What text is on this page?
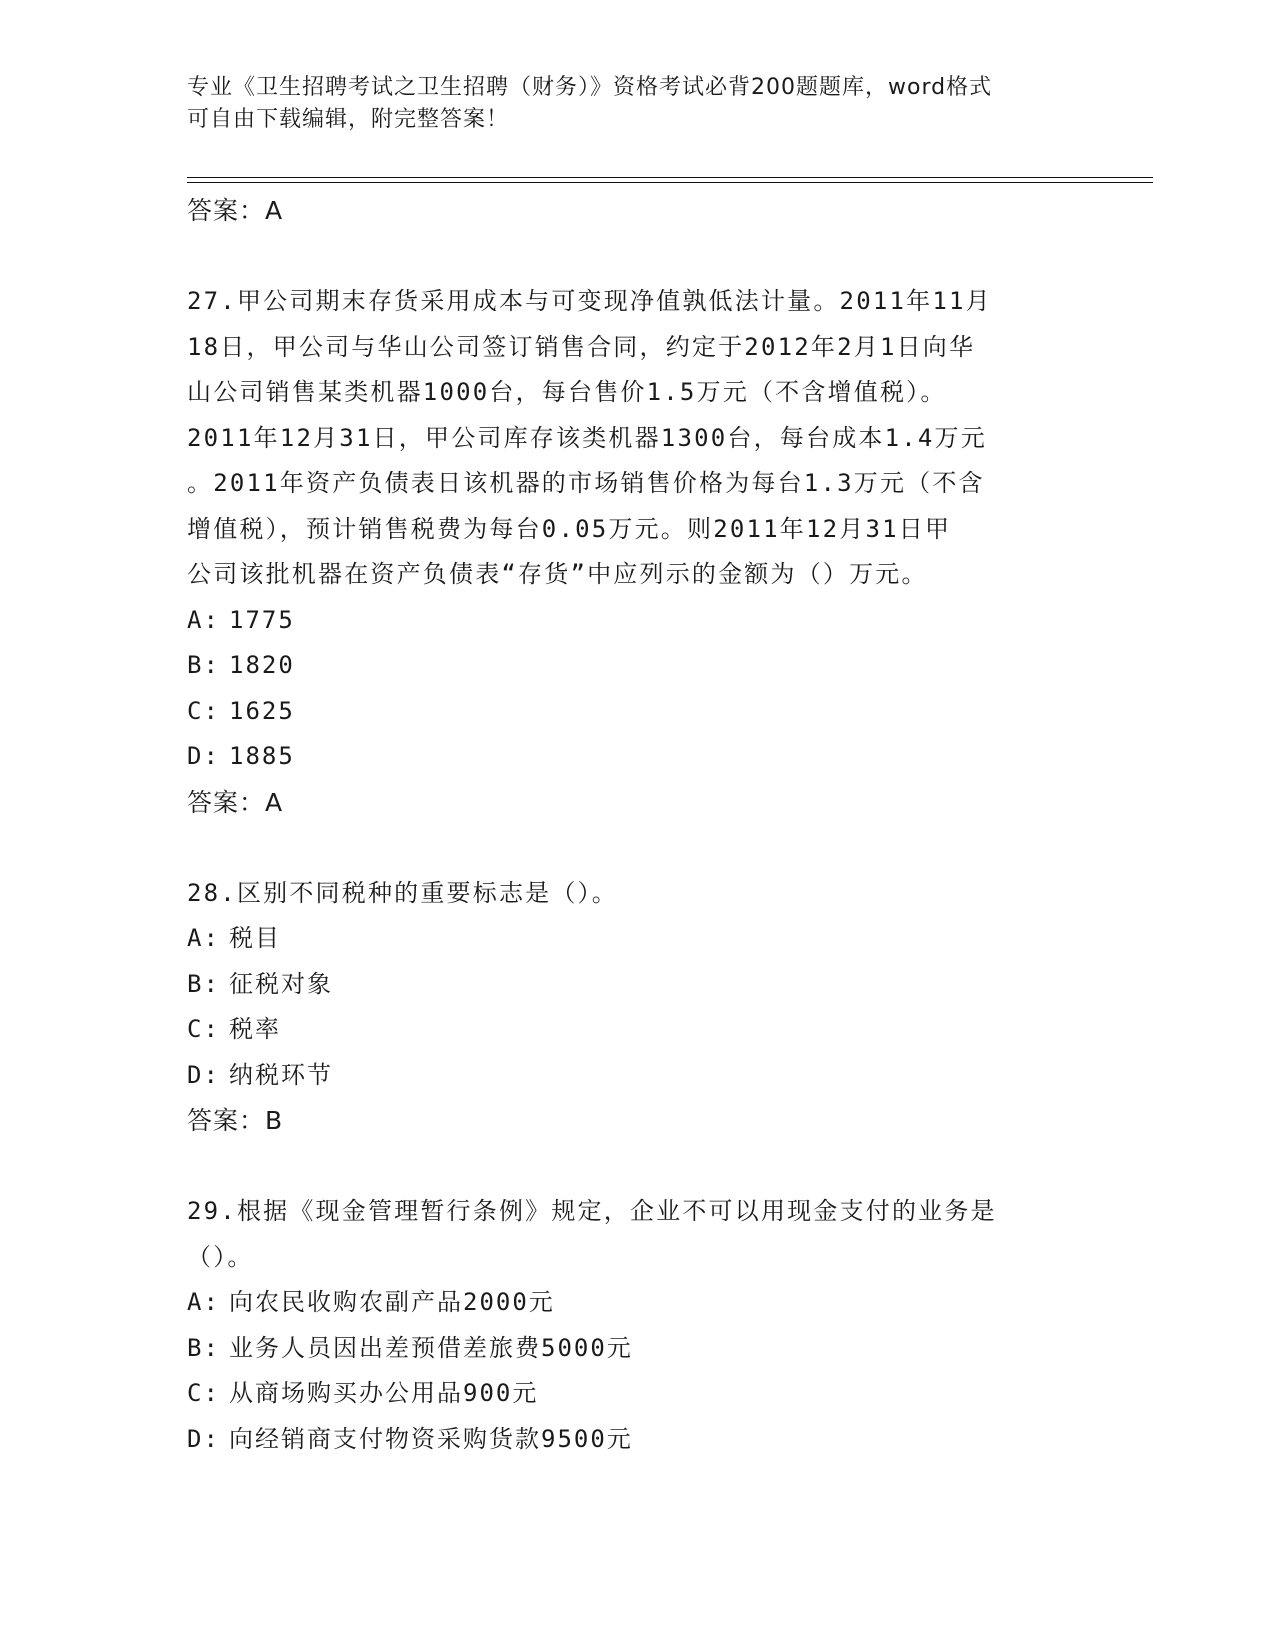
专业《卫生招聘考试之卫生招聘（财务）》资格考试必背200题题库，word格式
可自由下载编辑，附完整答案！
答案：A
27.甲公司期末存货采用成本与可变现净值孰低法计量。2011年11月
18日，甲公司与华山公司签订销售合同，约定于2012年2月1日向华
山公司销售某类机器1000台，每台售价1.5万元（不含增值税）。
2011年12月31日，甲公司库存该类机器1300台，每台成本1.4万元
。2011年资产负债表日该机器的市场销售价格为每台1.3万元（不含
增值税），预计销售税费为每台0.05万元。则2011年12月31日甲
公司该批机器在资产负债表“存货”中应列示的金额为（）万元。
A: 1775
B: 1820
C: 1625
D: 1885
答案：A
28.区别不同税种的重要标志是（）。
A: 税目
B: 征税对象
C: 税率
D: 纳税环节
答案：B
29.根据《现金管理暂行条例》规定，企业不可以用现金支付的业务是
（）。
A: 向农民收购农副产品2000元
B: 业务人员因出差预借差旅费5000元
C: 从商场购买办公用品900元
D: 向经销商支付物资采购货款9500元
